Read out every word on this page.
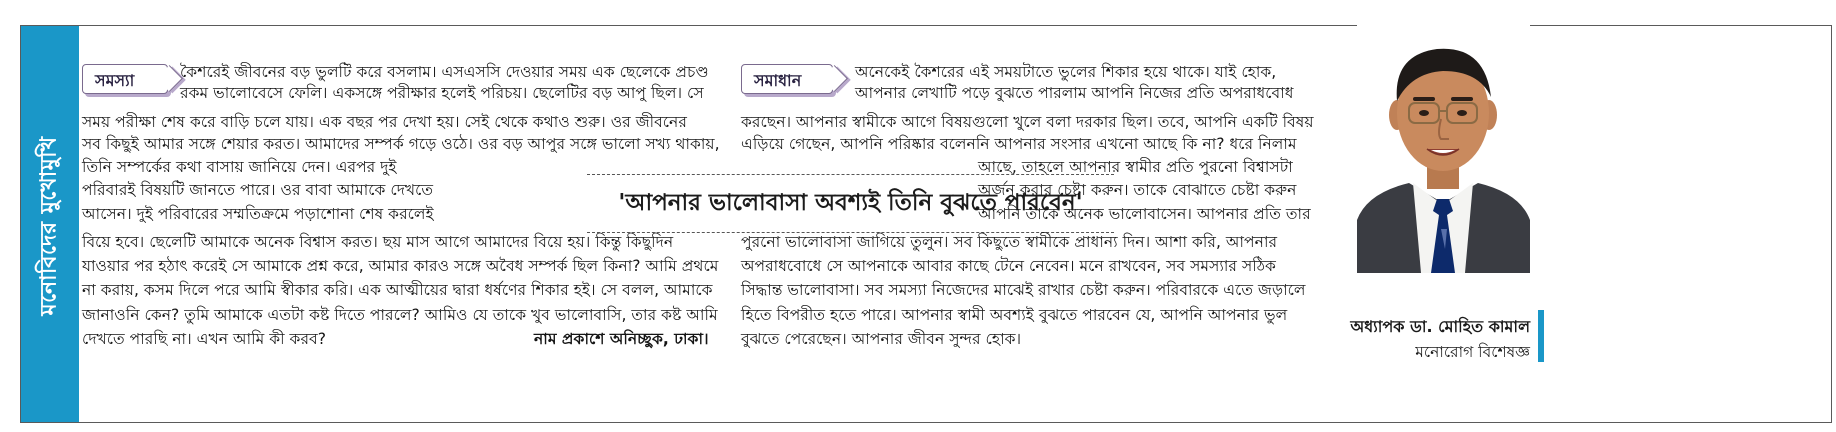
মনোবিদের মুখোমুখি
সমস্যা	কৈশরেই জীবনের বড় ভুলটি করে বসলাম। এসএসসি দেওয়ার সময় এক ছেলেকে প্রচণ্ড
রকম ভালোবেসে ফেলি। একসঙ্গে পরীক্ষার হলেই পরিচয়। ছেলেটির বড় আপু ছিল। সে
সময় পরীক্ষা শেষ করে বাড়ি চলে যায়। এক বছর পর দেখা হয়। সেই থেকে কথাও শুরু। ওর জীবনের
সব কিছুই আমার সঙ্গে শেয়ার করত। আমাদের সম্পর্ক গড়ে ওঠে। ওর বড় আপুর সঙ্গে ভালো সখ্য থাকায়,
তিনি সম্পর্কের কথা বাসায় জানিয়ে দেন। এরপর দুই
পরিবারই বিষয়টি জানতে পারে। ওর বাবা আমাকে দেখতে
আসেন। দুই পরিবারের সম্মতিক্রমে পড়াশোনা শেষ করলেই
বিয়ে হবে। ছেলেটি আমাকে অনেক বিশ্বাস করত। ছয় মাস আগে আমাদের বিয়ে হয়। কিন্তু কিছুদিন
যাওয়ার পর হঠাৎ করেই সে আমাকে প্রশ্ন করে, আমার কারও সঙ্গে অবৈধ সম্পর্ক ছিল কিনা? আমি প্রথমে
না করায়, কসম দিলে পরে আমি স্বীকার করি। এক আত্মীয়ের দ্বারা ধর্ষণের শিকার হই। সে বলল, আমাকে
জানাওনি কেন? তুমি আমাকে এতটা কষ্ট দিতে পারলে? আমিও যে তাকে খুব ভালোবাসি, তার কষ্ট আমি
দেখতে পারছি না। এখন আমি কী করব?	নাম প্রকাশে অনিচ্ছুক, ঢাকা।
'আপনার ভালোবাসা অবশ্যই তিনি বুঝতে পারবেন'
সমাধান	অনেকেই কৈশরের এই সময়টাতে ভুলের শিকার হয়ে থাকে। যাই হোক,
আপনার লেখাটি পড়ে বুঝতে পারলাম আপনি নিজের প্রতি অপরাধবোধ
করছেন। আপনার স্বামীকে আগে বিষয়গুলো খুলে বলা দরকার ছিল। তবে, আপনি একটি বিষয়
এড়িয়ে গেছেন, আপনি পরিষ্কার বলেননি আপনার সংসার এখনো আছে কি না? ধরে নিলাম
আছে, তাহলে আপনার স্বামীর প্রতি পুরনো বিশ্বাসটা
অর্জন করার চেষ্টা করুন। তাকে বোঝাতে চেষ্টা করুন
আপনি তাকে অনেক ভালোবাসেন। আপনার প্রতি তার
পুরনো ভালোবাসা জাগিয়ে তুলুন। সব কিছুতে স্বামীকে প্রাধান্য দিন। আশা করি, আপনার
অপরাধবোধে সে আপনাকে আবার কাছে টেনে নেবেন। মনে রাখবেন, সব সমস্যার সঠিক
সিদ্ধান্ত ভালোবাসা। সব সমস্যা নিজেদের মাঝেই রাখার চেষ্টা করুন। পরিবারকে এতে জড়ালে
হিতে বিপরীত হতে পারে। আপনার স্বামী অবশ্যই বুঝতে পারবেন যে, আপনি আপনার ভুল
বুঝতে পেরেছেন। আপনার জীবন সুন্দর হোক।
অধ্যাপক ডা. মোহিত কামাল
মনোরোগ বিশেষজ্ঞ
